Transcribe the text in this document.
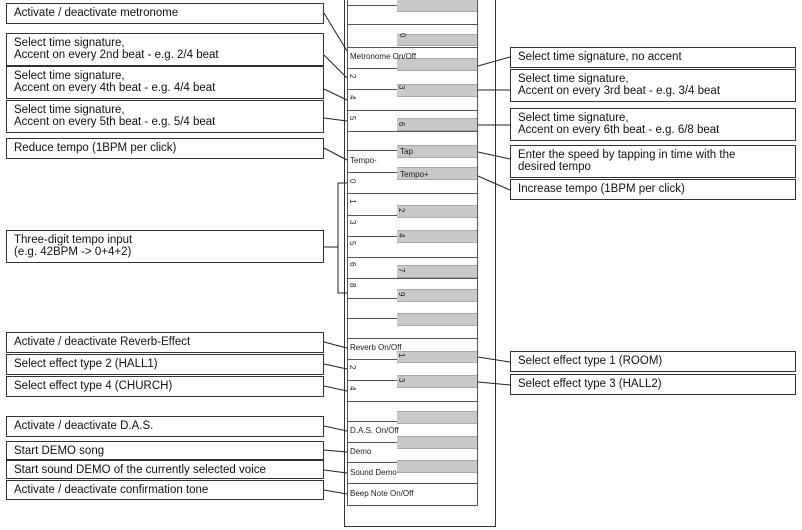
Metronome On/Off
0
2
3
4
5
6
Tap
Tempo-
Tempo+
0
1
2
3
4
5
6
7
8
9
Reverb On/Off
1
2
3
4
D.A.S. On/Off
Demo
Sound Demo
Beep Note On/Off
Activate / deactivate metronome
Select time signature,
Accent on every 2nd beat - e.g. 2/4 beat
Select time signature,
Accent on every 4th beat - e.g. 4/4 beat
Select time signature,
Accent on every 5th beat - e.g. 5/4 beat
Reduce tempo (1BPM per click)
Three-digit tempo input
(e.g. 42BPM -> 0+4+2)
Activate / deactivate Reverb-Effect
Select effect type 2 (HALL1)
Select effect type 4 (CHURCH)
Activate / deactivate D.A.S.
Start DEMO song
Start sound DEMO of the currently selected voice
Activate / deactivate confirmation tone
Select time signature, no accent
Select time signature,
Accent on every 3rd beat - e.g. 3/4 beat
Select time signature,
Accent on every 6th beat - e.g. 6/8 beat
Enter the speed by tapping in time with the
desired tempo
Increase tempo (1BPM per click)
Select effect type 1 (ROOM)
Select effect type 3 (HALL2)
